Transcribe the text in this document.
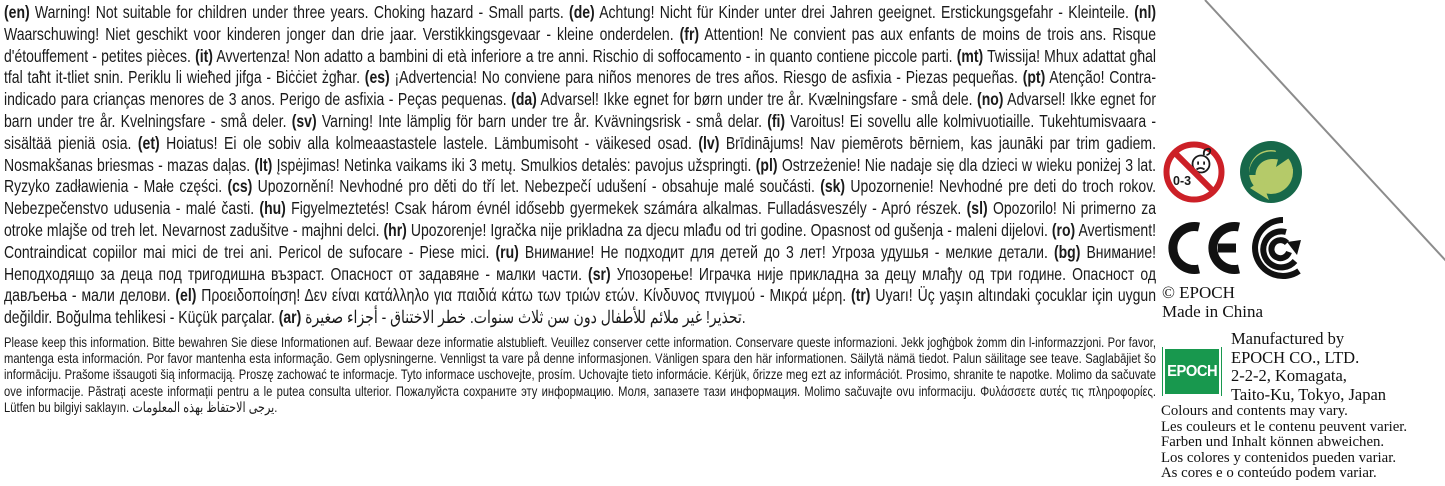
(en) Warning! Not suitable for children under three years. Choking hazard - Small parts. (de) Achtung! Nicht für Kinder unter drei Jahren geeignet. Erstickungsgefahr - Kleinteile. (nl) Waarschuwing! Niet geschikt voor kinderen jonger dan drie jaar. Verstikkingsgevaar - kleine onderdelen. (fr) Attention! Ne convient pas aux enfants de moins de trois ans. Risque d'étouffement - petites pièces. (it) Avvertenza! Non adatto a bambini di età inferiore a tre anni. Rischio di soffocamento - in quanto contiene piccole parti. (mt) Twissija! Mhux adattat għal tfal taħt it-tliet snin. Periklu li wieħed jifga - Biċċiet żgħar. (es) ¡Advertencia! No conviene para niños menores de tres años. Riesgo de asfixia - Piezas pequeñas. (pt) Atenção! Contra-indicado para crianças menores de 3 anos. Perigo de asfixia - Peças pequenas. (da) Advarsel! Ikke egnet for børn under tre år. Kvælningsfare - små dele. (no) Advarsel! Ikke egnet for barn under tre år. Kvelningsfare - små deler. (sv) Varning! Inte lämplig för barn under tre år. Kvävningsrisk - små delar. (fi) Varoitus! Ei sovellu alle kolmivuotiaille. Tukehtumisvaara - sisältää pieniä osia. (et) Hoiatus! Ei ole sobiv alla kolmeaastastele lastele. Lämbumisoht - väikesed osad. (lv) Brīdinājums! Nav piemērots bērniem, kas jaunāki par trim gadiem. Nosmakšanas briesmas - mazas daļas. (lt) Įspėjimas! Netinka vaikams iki 3 metų. Smulkios detalės: pavojus užspringti. (pl) Ostrzeżenie! Nie nadaje się dla dzieci w wieku poniżej 3 lat. Ryzyko zadławienia - Małe części. (cs) Upozornění! Nevhodné pro děti do tří let. Nebezpečí udušení - obsahuje malé součásti. (sk) Upozornenie! Nevhodné pre deti do troch rokov. Nebezpečenstvo udusenia - malé časti. (hu) Figyelmeztetés! Csak három évnél idősebb gyermekek számára alkalmas. Fulladásveszély - Apró részek. (sl) Opozorilo! Ni primerno za otroke mlajše od treh let. Nevarnost zadušitve - majhni delci. (hr) Upozorenje! Igračka nije prikladna za djecu mlađu od tri godine. Opasnost od gušenja - maleni dijelovi. (ro) Avertisment! Contraindicat copiilor mai mici de trei ani. Pericol de sufocare - Piese mici. (ru) Внимание! Не подходит для детей до 3 лет! Угроза удушья - мелкие детали. (bg) Внимание! Неподходящо за деца под тригодишна възраст. Опасност от задавяне - малки части. (sr) Упозорење! Играчка није прикладна за децу млађу од три године. Опасност од дављења - мали делови. (el) Προειδοποίηση! Δεν είναι κατάλληλο για παιδιά κάτω των τριών ετών. Κίνδυνος πνιγμού - Μικρά μέρη. (tr) Uyarı! Üç yaşın altındaki çocuklar için uygun değildir. Boğulma tehlikesi - Küçük parçalar. (ar) تحذير! غير ملائم للأطفال دون سن ثلاث سنوات. خطر الاختناق - أجزاء صغيرة.
Please keep this information. Bitte bewahren Sie diese Informationen auf. Bewaar deze informatie alstublieft. Veuillez conserver cette information. Conservare queste informazioni. Jekk jogħġbok żomm din l-informazzjoni. Por favor, mantenga esta información. Por favor mantenha esta informação. Gem oplysningerne. Vennligst ta vare på denne informasjonen. Vänligen spara den här informationen. Säilytä nämä tiedot. Palun säilitage see teave. Saglabājiet šo informāciju. Prašome išsaugoti šią informaciją. Proszę zachować te informacje. Tyto informace uschovejte, prosím. Uchovajte tieto informácie. Kérjük, őrizze meg ezt az információt. Prosimo, shranite te napotke. Molimo da sačuvate ove informacije. Păstrați aceste informații pentru a le putea consulta ulterior. Пожалуйста сохраните эту информацию. Моля, запазете тази информация. Molimo sačuvajte ovu informaciju. Φυλάσσετε αυτές τις πληροφορίες. Lütfen bu bilgiyi saklayın. يرجى الاحتفاظ بهذه المعلومات.
0-3
© EPOCH
Made in China
EPOCH
Manufactured by
EPOCH CO., LTD.
2-2-2, Komagata,
Taito-Ku, Tokyo, Japan
Colours and contents may vary.
Les couleurs et le contenu peuvent varier.
Farben und Inhalt können abweichen.
Los colores y contenidos pueden variar.
As cores e o conteúdo podem variar.
